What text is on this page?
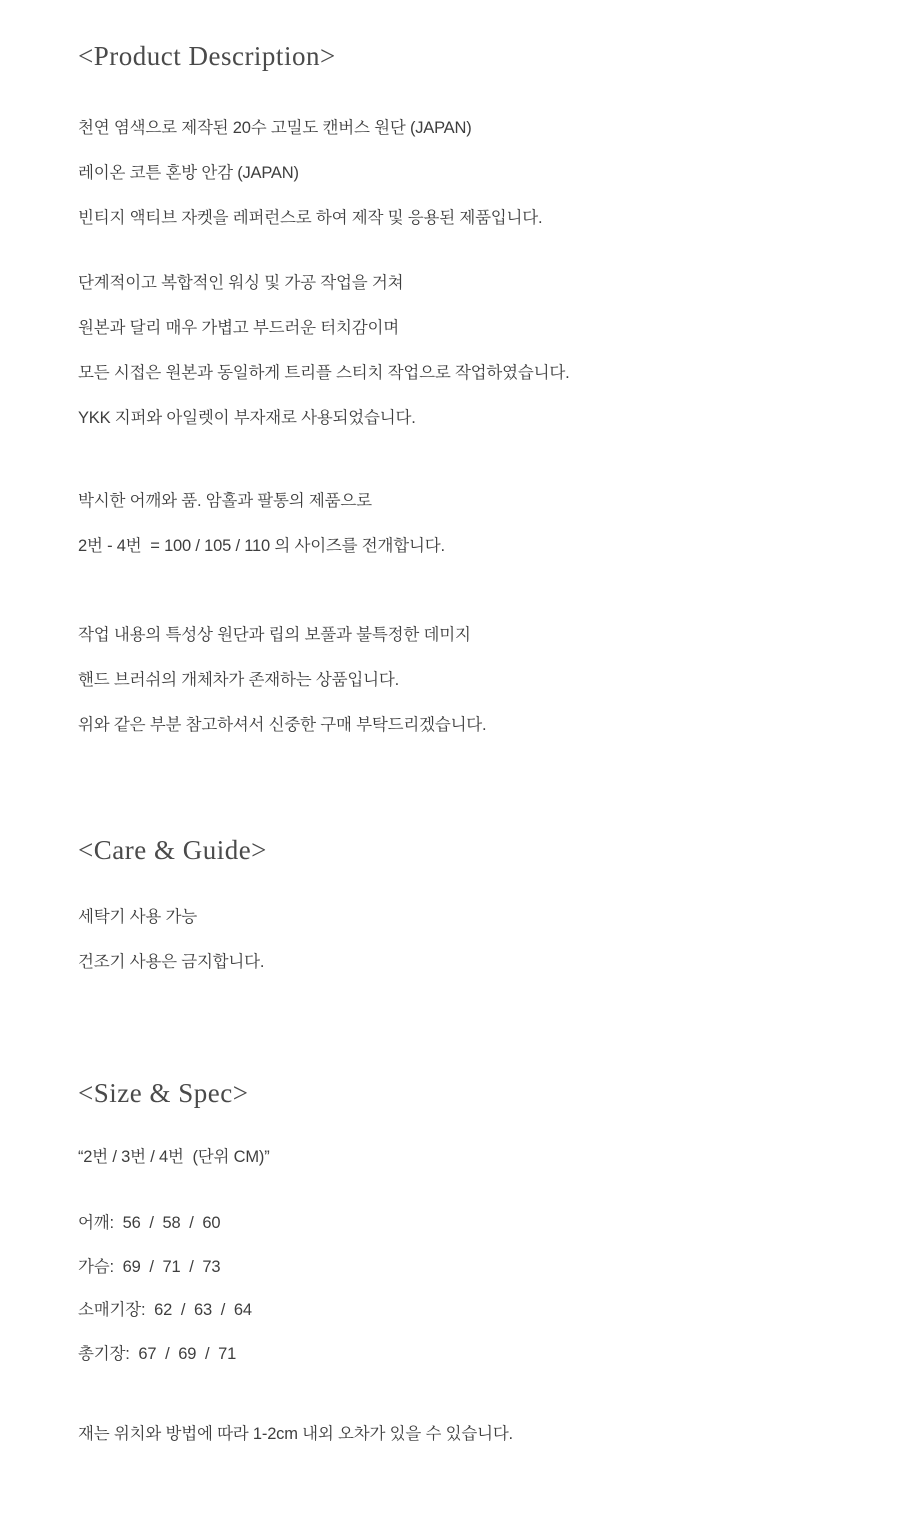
<Product Description>

천연 염색으로 제작된 20수 고밀도 캔버스 원단 (JAPAN)

레이온 코튼 혼방 안감 (JAPAN)

빈티지 액티브 자켓을 레퍼런스로 하여 제작 및 응용된 제품입니다.

단계적이고 복합적인 워싱 및 가공 작업을 거쳐

원본과 달리 매우 가볍고 부드러운 터치감이며

모든 시접은 원본과 동일하게 트리플 스티치 작업으로 작업하였습니다.

YKK 지퍼와 아일렛이 부자재로 사용되었습니다.

박시한 어깨와 품. 암홀과 팔통의 제품으로

2번 - 4번  = 100 / 105 / 110 의 사이즈를 전개합니다.

작업 내용의 특성상 원단과 립의 보풀과 불특정한 데미지

핸드 브러쉬의 개체차가 존재하는 상품입니다.

위와 같은 부분 참고하셔서 신중한 구매 부탁드리겠습니다.

<Care & Guide>

세탁기 사용 가능

건조기 사용은 금지합니다.

<Size & Spec>

“2번 / 3번 / 4번  (단위 CM)”

어깨:  56  /  58  /  60

가슴:  69  /  71  /  73

소매기장:  62  /  63  /  64

총기장:  67  /  69  /  71

재는 위치와 방법에 따라 1-2cm 내외 오차가 있을 수 있습니다.
